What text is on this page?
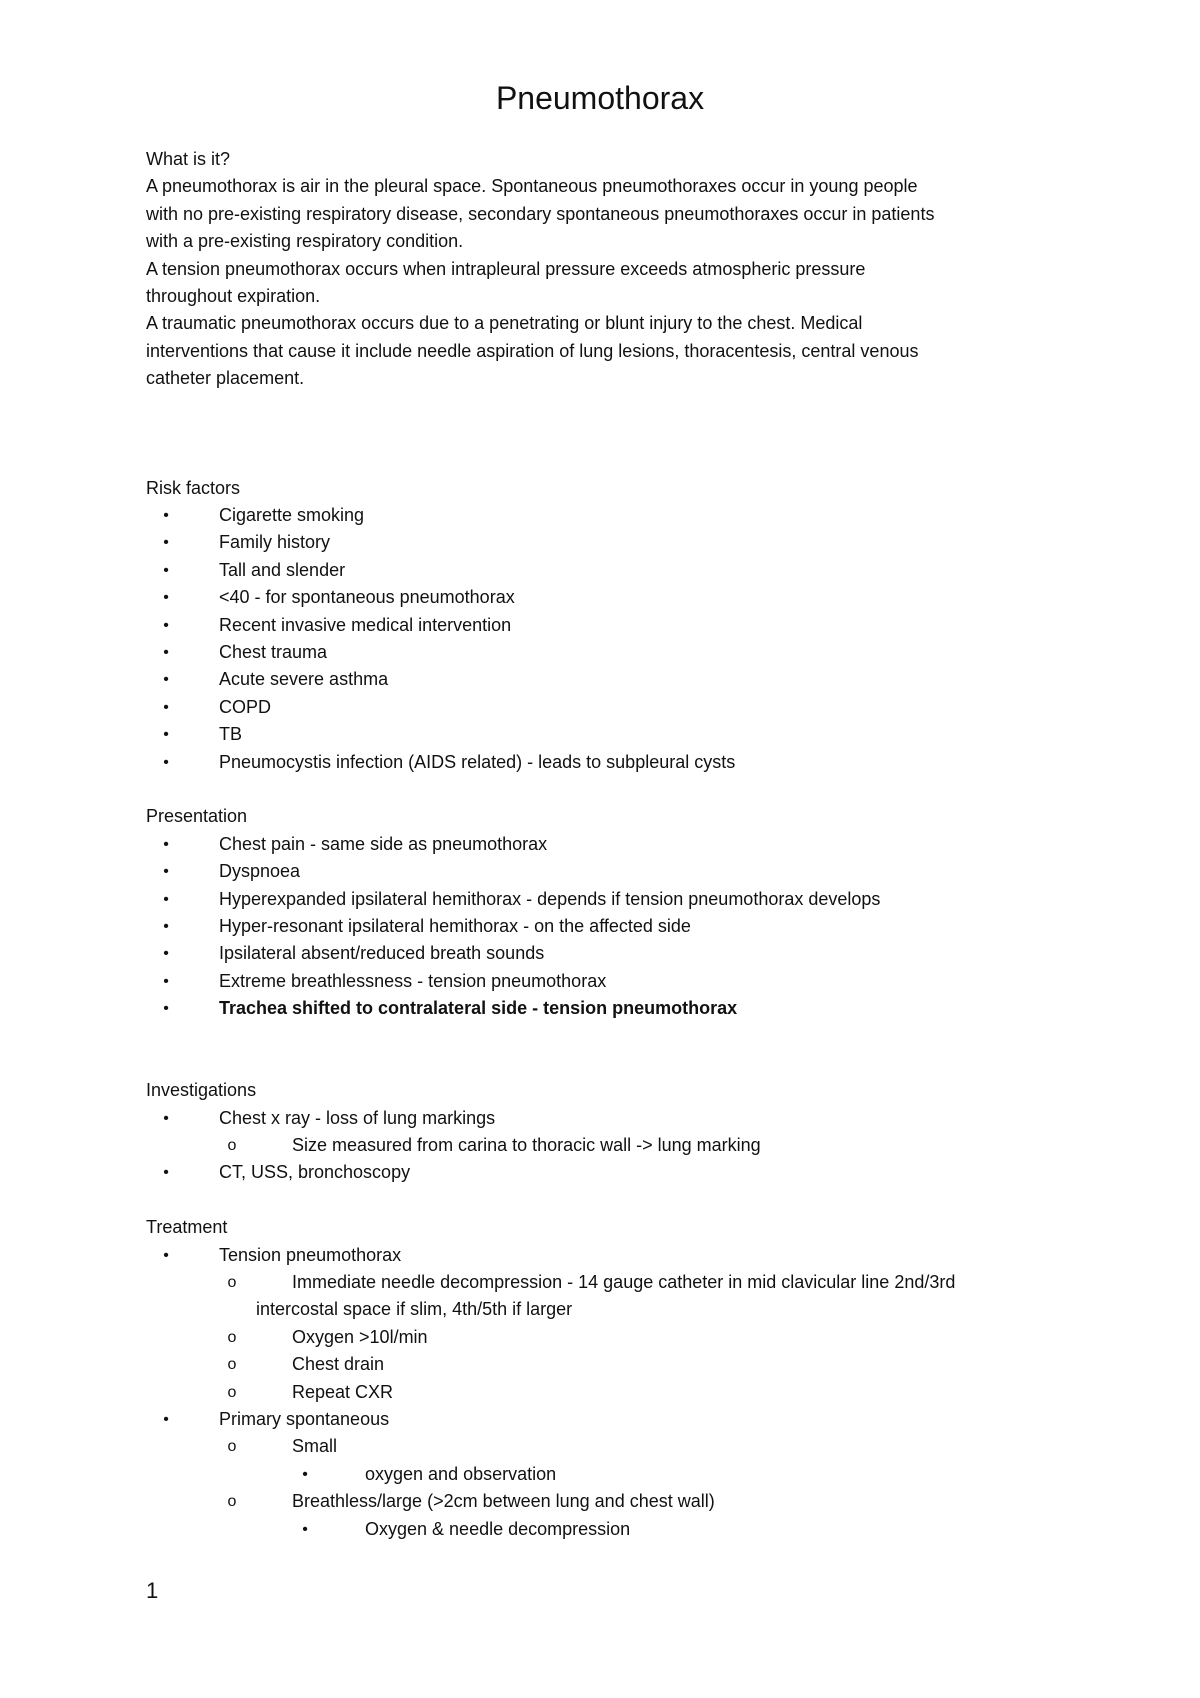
Pneumothorax
What is it?
A pneumothorax is air in the pleural space. Spontaneous pneumothoraxes occur in young people
with no pre-existing respiratory disease, secondary spontaneous pneumothoraxes occur in patients
with a pre-existing respiratory condition.
A tension pneumothorax occurs when intrapleural pressure exceeds atmospheric pressure
throughout expiration.
A traumatic pneumothorax occurs due to a penetrating or blunt injury to the chest. Medical
interventions that cause it include needle aspiration of lung lesions, thoracentesis, central venous
catheter placement.
Risk factors
•	Cigarette smoking
•	Family history
•	Tall and slender
•	<40 - for spontaneous pneumothorax
•	Recent invasive medical intervention
•	Chest trauma
•	Acute severe asthma
•	COPD
•	TB
•	Pneumocystis infection (AIDS related) - leads to subpleural cysts
Presentation
•	Chest pain - same side as pneumothorax
•	Dyspnoea
•	Hyperexpanded ipsilateral hemithorax - depends if tension pneumothorax develops
•	Hyper-resonant ipsilateral hemithorax - on the affected side
•	Ipsilateral absent/reduced breath sounds
•	Extreme breathlessness - tension pneumothorax
•	Trachea shifted to contralateral side - tension pneumothorax
Investigations
•	Chest x ray - loss of lung markings
o	Size measured from carina to thoracic wall -> lung marking
•	CT, USS, bronchoscopy
Treatment
•	Tension pneumothorax
o	Immediate needle decompression - 14 gauge catheter in mid clavicular line 2nd/3rd
intercostal space if slim, 4th/5th if larger
o	Oxygen >10l/min
o	Chest drain
o	Repeat CXR
•	Primary spontaneous
o	Small
•	oxygen and observation
o	Breathless/large (>2cm between lung and chest wall)
•	Oxygen & needle decompression
1
